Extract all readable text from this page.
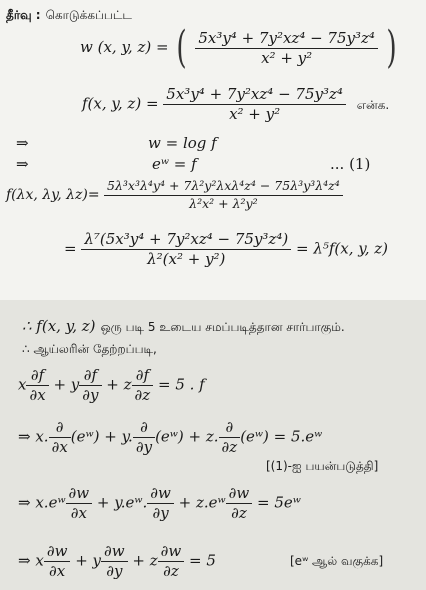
தீர்வு : கொடுக்கப்பட்ட
w (x, y, z) = ( $\frac{\text{5x³y⁴ + 7y²xz⁴ − 75y³z⁴}}{\text{x² + y²}}$ )
f(x, y, $z) = \frac{\text{5x³y⁴ + 7y²xz⁴ − 75y³z⁴}}{\text{x² + y²}}$ என்க.
⇒	w = log f
⇒	eʷ = f	... (1)
f(λx, λy, $\lambda z)= \frac{\text{5λ³x³λ⁴y⁴ + 7λ²y²λxλ⁴z⁴ − 75λ³y³λ⁴z⁴}}{\text{λ²x² + λ²y²}}$
= $\frac{\text{λ⁷(5x³y⁴ + 7y²xz⁴ − 75y³z⁴)}}{\text{λ²(x² + y²)}} = \lambda^5f(x$, y, z)
∴ f(x, y, z) ஒரு படி 5 உடைய சமப்படித்தான சார்பாகும்.
∴ ஆய்லரின் தேற்றப்படி,
x $\frac{\partial f}{\partial x} + y \frac{\partial f}{\partial y} + z \frac{\partial f}{\partial z} = 5$ . f
⇒ x. $\frac{\partial}{\partial x}$ (eʷ) + y. $\frac{\partial}{\partial y}$ (eʷ) + z. $\frac{\partial}{\partial z}$ (eʷ) = 5.eʷ
[(1)-ஐ பயன்படுத்தி]
⇒ x.eʷ $\frac{\partial w}{\partial x}$ + y.eʷ. $\frac{\partial w}{\partial y}$ + z.eʷ $\frac{\partial w}{\partial z}$ = 5eʷ
⇒ x $\frac{\partial w}{\partial x} + y \frac{\partial w}{\partial y} + z \frac{\partial w}{\partial z} = 5$	[eʷ ஆல் வகுக்க]
